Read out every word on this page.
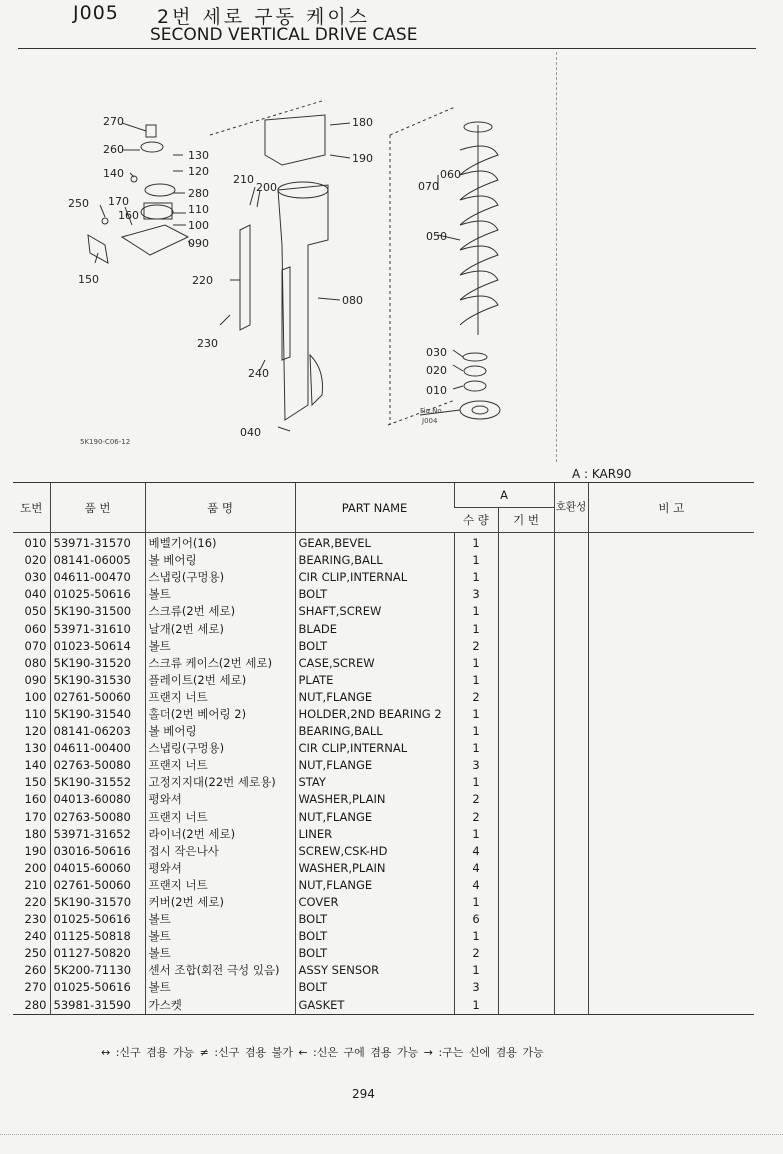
J005 2번 세로 구동 케이스
SECOND VERTICAL DRIVE CASE
270
260	130
120
140
280
250 170
160	110
100
090
150
210
200
220
230
240
180
190
080
040
070
060
050
030
020
010
Fig.No.
J004
5K190-C06-12
A : KAR90
도번	품 번	품 명	PART NAME	A		호환성	비 고
				수 량	기 번		
010	53971-31570	베벨기어(16)	GEAR,BEVEL	1			
020	08141-06005	볼 베어링	BEARING,BALL	1			
030	04611-00470	스냅링(구멍용)	CIR CLIP,INTERNAL	1			
040	01025-50616	볼트	BOLT	3			
050	5K190-31500	스크류(2번 세로)	SHAFT,SCREW	1			
060	53971-31610	날개(2번 세로)	BLADE	1			
070	01023-50614	볼트	BOLT	2			
080	5K190-31520	스크류 케이스(2번 세로)	CASE,SCREW	1			
090	5K190-31530	플레이트(2번 세로)	PLATE	1			
100	02761-50060	프랜지 너트	NUT,FLANGE	2			
110	5K190-31540	홀더(2번 베어링 2)	HOLDER,2ND BEARING 2	1			
120	08141-06203	볼 베어링	BEARING,BALL	1			
130	04611-00400	스냅링(구멍용)	CIR CLIP,INTERNAL	1			
140	02763-50080	프랜지 너트	NUT,FLANGE	3			
150	5K190-31552	고정지지대(22번 세로용)	STAY	1			
160	04013-60080	평와셔	WASHER,PLAIN	2			
170	02763-50080	프랜지 너트	NUT,FLANGE	2			
180	53971-31652	라이너(2번 세로)	LINER	1			
190	03016-50616	접시 작은나사	SCREW,CSK-HD	4			
200	04015-60060	평와셔	WASHER,PLAIN	4			
210	02761-50060	프랜지 너트	NUT,FLANGE	4			
220	5K190-31570	커버(2번 세로)	COVER	1			
230	01025-50616	볼트	BOLT	6			
240	01125-50818	볼트	BOLT	1			
250	01127-50820	볼트	BOLT	2			
260	5K200-71130	센서 조합(회전 극성 있음)	ASSY SENSOR	1			
270	01025-50616	볼트	BOLT	3			
280	53981-31590	가스켓	GASKET	1			

↔ :신구 겸용 가능 ≠ :신구 겸용 불가 ← :신은 구에 겸용 가능 → :구는 신에 겸용 가능
294
